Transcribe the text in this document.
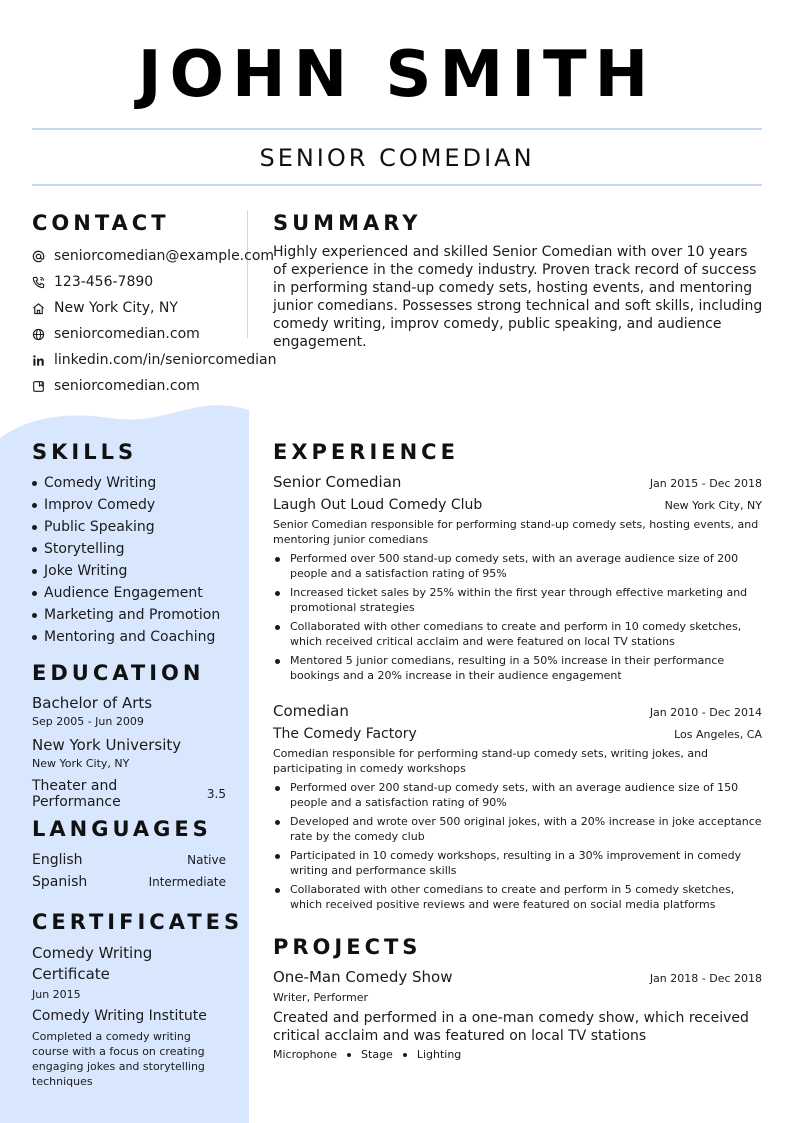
JOHN SMITH
SENIOR COMEDIAN
CONTACT
seniorcomedian@example.com
123-456-7890
New York City, NY
seniorcomedian.com
linkedin.com/in/seniorcomedian
seniorcomedian.com
SUMMARY
Highly experienced and skilled Senior Comedian with over 10 years of experience in the comedy industry. Proven track record of success in performing stand-up comedy sets, hosting events, and mentoring junior comedians. Possesses strong technical and soft skills, including comedy writing, improv comedy, public speaking, and audience engagement.
SKILLS
Comedy Writing
Improv Comedy
Public Speaking
Storytelling
Joke Writing
Audience Engagement
Marketing and Promotion
Mentoring and Coaching
EDUCATION
Bachelor of Arts
Sep 2005 - Jun 2009
New York University
New York City, NY
Theater and Performance	3.5
LANGUAGES
English	Native
Spanish	Intermediate
CERTIFICATES
Comedy Writing Certificate
Jun 2015
Comedy Writing Institute
Completed a comedy writing course with a focus on creating engaging jokes and storytelling techniques
EXPERIENCE
Senior Comedian	Jan 2015 - Dec 2018
Laugh Out Loud Comedy Club	New York City, NY
Senior Comedian responsible for performing stand-up comedy sets, hosting events, and mentoring junior comedians
Performed over 500 stand-up comedy sets, with an average audience size of 200 people and a satisfaction rating of 95%
Increased ticket sales by 25% within the first year through effective marketing and promotional strategies
Collaborated with other comedians to create and perform in 10 comedy sketches, which received critical acclaim and were featured on local TV stations
Mentored 5 junior comedians, resulting in a 50% increase in their performance bookings and a 20% increase in their audience engagement
Comedian	Jan 2010 - Dec 2014
The Comedy Factory	Los Angeles, CA
Comedian responsible for performing stand-up comedy sets, writing jokes, and participating in comedy workshops
Performed over 200 stand-up comedy sets, with an average audience size of 150 people and a satisfaction rating of 90%
Developed and wrote over 500 original jokes, with a 20% increase in joke acceptance rate by the comedy club
Participated in 10 comedy workshops, resulting in a 30% improvement in comedy writing and performance skills
Collaborated with other comedians to create and perform in 5 comedy sketches, which received positive reviews and were featured on social media platforms
PROJECTS
One-Man Comedy Show	Jan 2018 - Dec 2018
Writer, Performer
Created and performed in a one-man comedy show, which received critical acclaim and was featured on local TV stations
Microphone Stage Lighting
